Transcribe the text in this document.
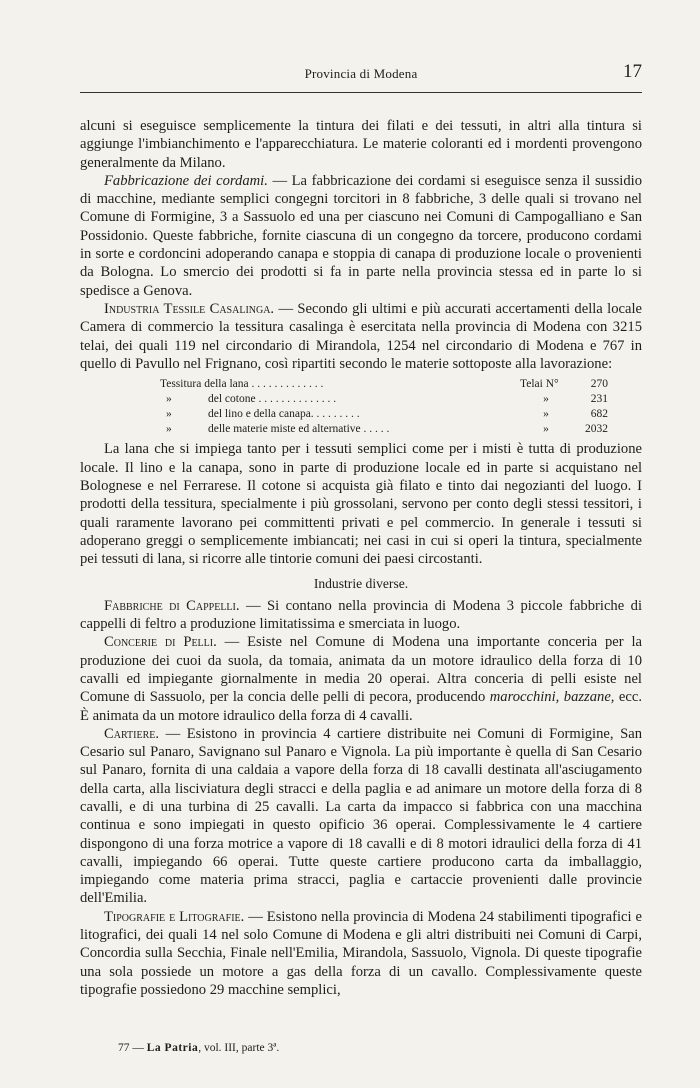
Provincia di Modena	17

alcuni si eseguisce semplicemente la tintura dei filati e dei tessuti, in altri alla tintura si aggiunge l'imbianchimento e l'apparecchiatura. Le materie coloranti ed i mordenti provengono generalmente da Milano.

Fabbricazione dei cordami. — La fabbricazione dei cordami si eseguisce senza il sussidio di macchine, mediante semplici congegni torcitori in 8 fabbriche, 3 delle quali si trovano nel Comune di Formigine, 3 a Sassuolo ed una per ciascuno nei Comuni di Campogalliano e San Possidonio. Queste fabbriche, fornite ciascuna di un congegno da torcere, producono cordami in sorte e cordoncini adoperando canapa e stoppia di canapa di produzione locale o provenienti da Bologna. Lo smercio dei prodotti si fa in parte nella provincia stessa ed in parte lo si spedisce a Genova.

Industria Tessile Casalinga. — Secondo gli ultimi e più accurati accertamenti della locale Camera di commercio la tessitura casalinga è esercitata nella provincia di Modena con 3215 telai, dei quali 119 nel circondario di Mirandola, 1254 nel circondario di Modena e 767 in quello di Pavullo nel Frignano, così ripartiti secondo le materie sottoposte alla lavorazione:

Tessitura della lana . . . . . . . . . . . . .	Telai N°	270
» del cotone . . . . . . . . . . . . . .	»	231
» del lino e della canapa. . . . . . . . .	»	682
» delle materie miste ed alternative . . . . .	»	2032

La lana che si impiega tanto per i tessuti semplici come per i misti è tutta di produzione locale. Il lino e la canapa, sono in parte di produzione locale ed in parte si acquistano nel Bolognese e nel Ferrarese. Il cotone si acquista già filato e tinto dai negozianti del luogo. I prodotti della tessitura, specialmente i più grossolani, servono per conto degli stessi tessitori, i quali raramente lavorano pei committenti privati e pel commercio. In generale i tessuti si adoperano greggi o semplicemente imbiancati; nei casi in cui si operi la tintura, specialmente pei tessuti di lana, si ricorre alle tintorie comuni dei paesi circostanti.

Industrie diverse.

Fabbriche di Cappelli. — Si contano nella provincia di Modena 3 piccole fabbriche di cappelli di feltro a produzione limitatissima e smerciata in luogo.

Concerie di Pelli. — Esiste nel Comune di Modena una importante conceria per la produzione dei cuoi da suola, da tomaia, animata da un motore idraulico della forza di 10 cavalli ed impiegante giornalmente in media 20 operai. Altra conceria di pelli esiste nel Comune di Sassuolo, per la concia delle pelli di pecora, producendo marocchini, bazzane, ecc. È animata da un motore idraulico della forza di 4 cavalli.

Cartiere. — Esistono in provincia 4 cartiere distribuite nei Comuni di Formigine, San Cesario sul Panaro, Savignano sul Panaro e Vignola. La più importante è quella di San Cesario sul Panaro, fornita di una caldaia a vapore della forza di 18 cavalli destinata all'asciugamento della carta, alla lisciviatura degli stracci e della paglia e ad animare un motore della forza di 8 cavalli, e di una turbina di 25 cavalli. La carta da impacco si fabbrica con una macchina continua e sono impiegati in questo opificio 36 operai. Complessivamente le 4 cartiere dispongono di una forza motrice a vapore di 18 cavalli e di 8 motori idraulici della forza di 41 cavalli, impiegando 66 operai. Tutte queste cartiere producono carta da imballaggio, impiegando come materia prima stracci, paglia e cartaccie provenienti dalle provincie dell'Emilia.

Tipografie e Litografie. — Esistono nella provincia di Modena 24 stabilimenti tipografici e litografici, dei quali 14 nel solo Comune di Modena e gli altri distribuiti nei Comuni di Carpi, Concordia sulla Secchia, Finale nell'Emilia, Mirandola, Sassuolo, Vignola. Di queste tipografie una sola possiede un motore a gas della forza di un cavallo. Complessivamente queste tipografie possiedono 29 macchine semplici,

77 — La Patria, vol. III, parte 3ª.
